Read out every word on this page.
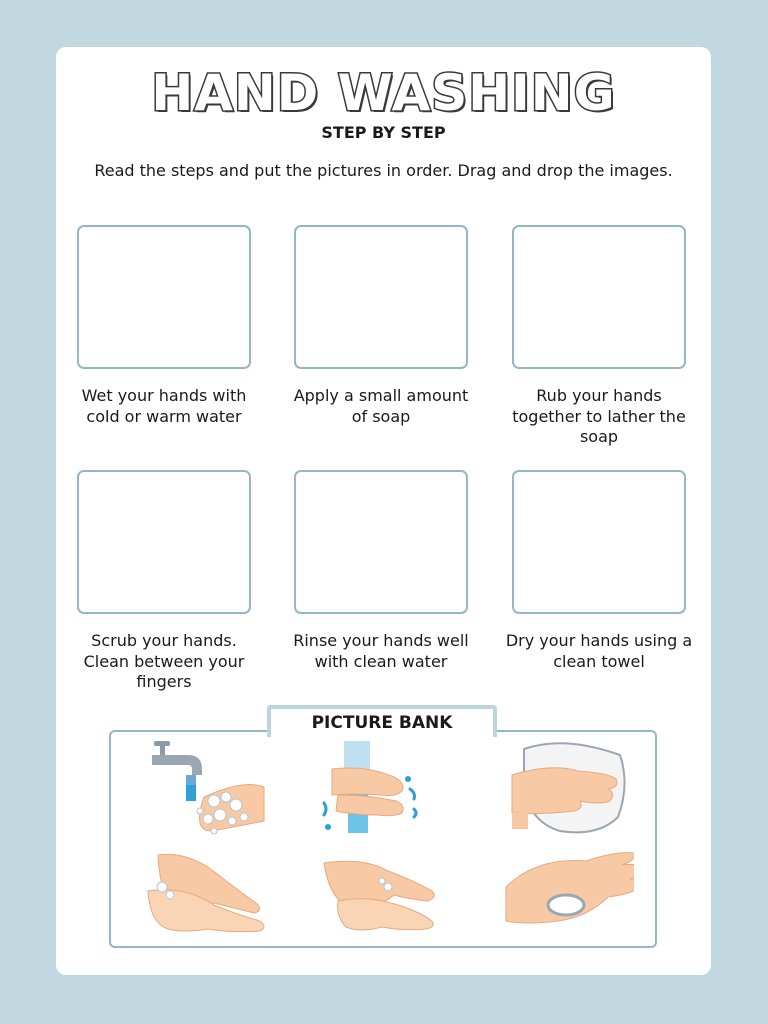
HAND WASHING
STEP BY STEP
Read the steps and put the pictures in order. Drag and drop the images.
Wet your hands with cold or warm water
Apply a small amount of soap
Rub your hands together to lather the soap
Scrub your hands. Clean between your fingers
Rinse your hands well with clean water
Dry your hands using a clean towel
PICTURE BANK
